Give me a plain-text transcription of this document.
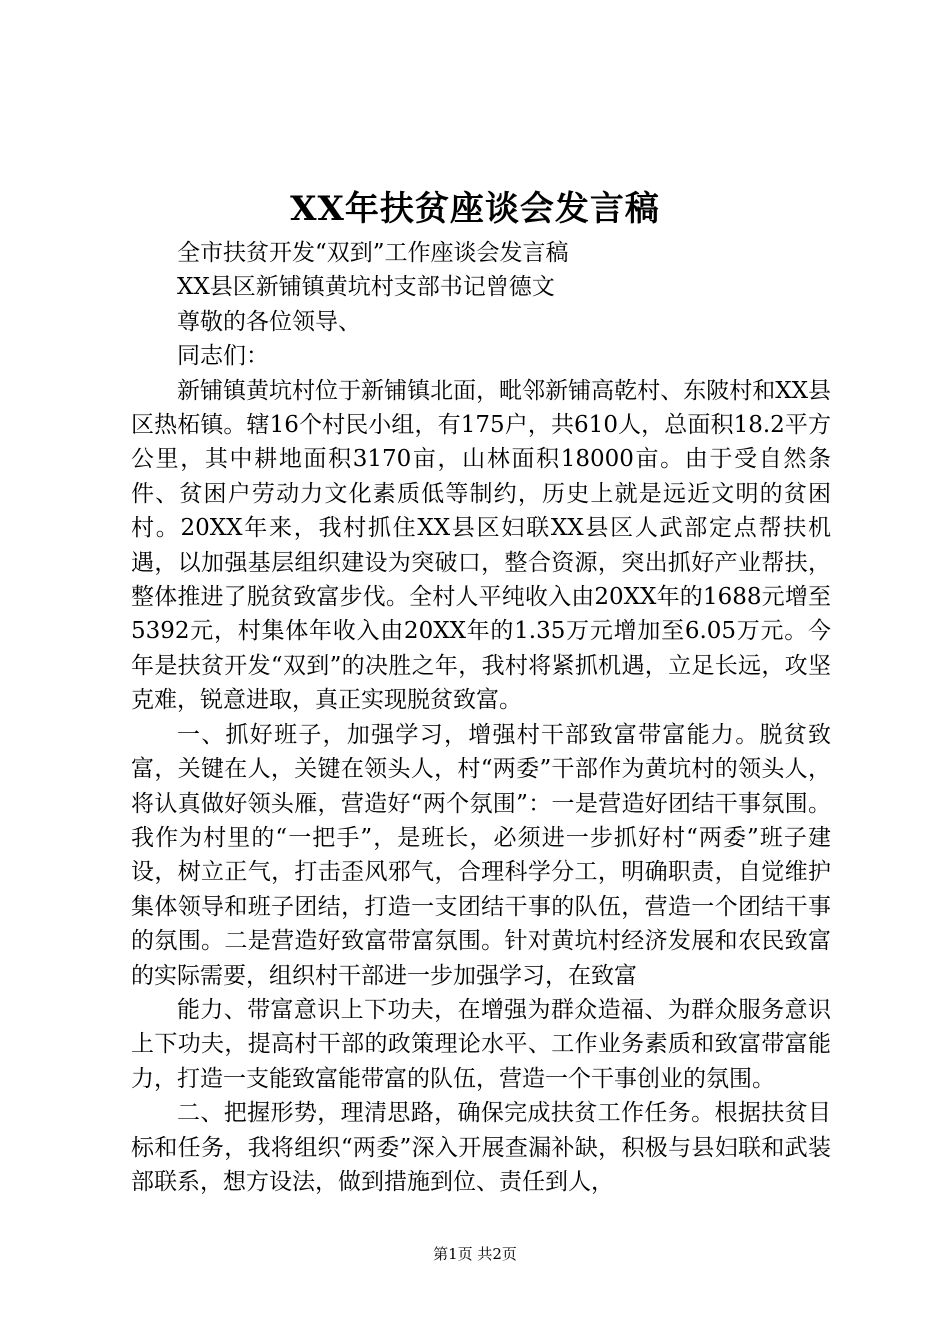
XX年扶贫座谈会发言稿

全市扶贫开发“双到”工作座谈会发言稿

XX县区新铺镇黄坑村支部书记曾德文

尊敬的各位领导、

同志们：

新铺镇黄坑村位于新铺镇北面，毗邻新铺高乾村、东陂村和XX县区热柘镇。辖16个村民小组，有175户，共610人，总面积18.2平方公里，其中耕地面积3170亩，山林面积18000亩。由于受自然条件、贫困户劳动力文化素质低等制约，历史上就是远近文明的贫困村。20XX年来，我村抓住XX县区妇联XX县区人武部定点帮扶机遇，以加强基层组织建设为突破口，整合资源，突出抓好产业帮扶，整体推进了脱贫致富步伐。全村人平纯收入由20XX年的1688元增至5392元，村集体年收入由20XX年的1.35万元增加至6.05万元。今年是扶贫开发“双到”的决胜之年，我村将紧抓机遇，立足长远，攻坚克难，锐意进取，真正实现脱贫致富。

一、抓好班子，加强学习，增强村干部致富带富能力。脱贫致富，关键在人，关键在领头人，村“两委”干部作为黄坑村的领头人，将认真做好领头雁，营造好“两个氛围”：一是营造好团结干事氛围。我作为村里的“一把手”，是班长，必须进一步抓好村“两委”班子建设，树立正气，打击歪风邪气，合理科学分工，明确职责，自觉维护集体领导和班子团结，打造一支团结干事的队伍，营造一个团结干事的氛围。二是营造好致富带富氛围。针对黄坑村经济发展和农民致富的实际需要，组织村干部进一步加强学习，在致富

能力、带富意识上下功夫，在增强为群众造福、为群众服务意识上下功夫，提高村干部的政策理论水平、工作业务素质和致富带富能力，打造一支能致富能带富的队伍，营造一个干事创业的氛围。

二、把握形势，理清思路，确保完成扶贫工作任务。根据扶贫目标和任务，我将组织“两委”深入开展查漏补缺，积极与县妇联和武装部联系，想方设法，做到措施到位、责任到人，

第1页 共2页
